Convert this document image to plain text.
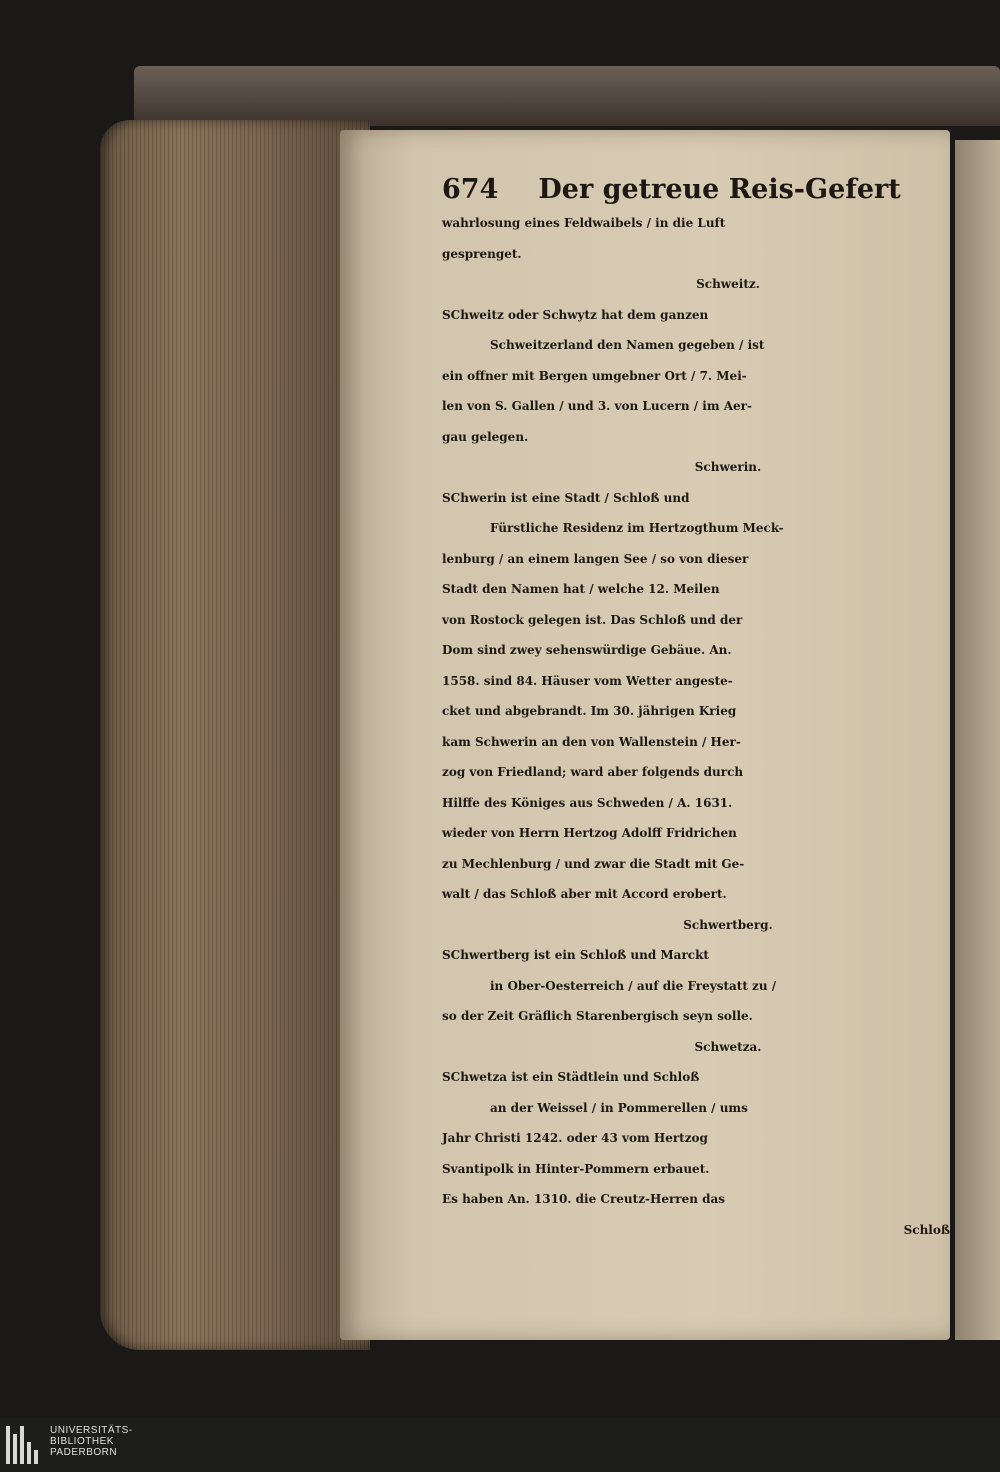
674 Der getreue Reis-Gefert
wahrlosung eines Feldwaibels / in die Luft
gesprenget.
Schweitz.
SChweitz oder Schwytz hat dem ganzen
Schweitzerland den Namen gegeben / ist
ein offner mit Bergen umgebner Ort / 7. Mei-
len von S. Gallen / und 3. von Lucern / im Aer-
gau gelegen.
Schwerin.
SChwerin ist eine Stadt / Schloß und
Fürstliche Residenz im Hertzogthum Meck-
lenburg / an einem langen See / so von dieser
Stadt den Namen hat / welche 12. Meilen
von Rostock gelegen ist. Das Schloß und der
Dom sind zwey sehenswürdige Gebäue. An.
1558. sind 84. Häuser vom Wetter angeste-
cket und abgebrandt. Im 30. jährigen Krieg
kam Schwerin an den von Wallenstein / Her-
zog von Friedland; ward aber folgends durch
Hilffe des Königes aus Schweden / A. 1631.
wieder von Herrn Hertzog Adolff Fridrichen
zu Mechlenburg / und zwar die Stadt mit Ge-
walt / das Schloß aber mit Accord erobert.
Schwertberg.
SChwertberg ist ein Schloß und Marckt
in Ober-Oesterreich / auf die Freystatt zu /
so der Zeit Gräflich Starenbergisch seyn solle.
Schwetza.
SChwetza ist ein Städtlein und Schloß
an der Weissel / in Pommerellen / ums
Jahr Christi 1242. oder 43 vom Hertzog
Svantipolk in Hinter-Pommern erbauet.
Es haben An. 1310. die Creutz-Herren das
Schloß
UNIVERSITÄTS-
BIBLIOTHEK
PADERBORN
